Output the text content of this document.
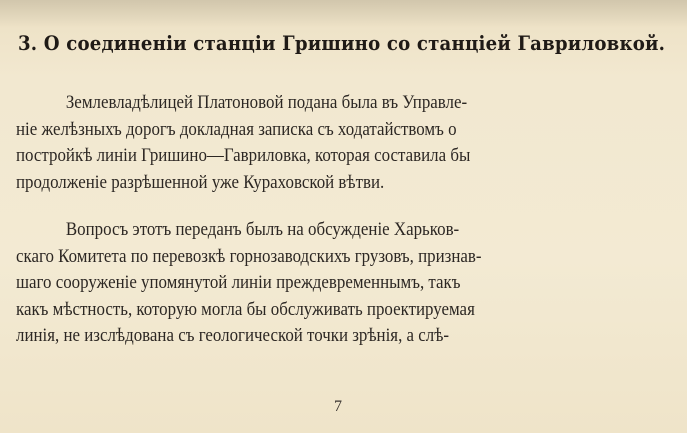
3. О соединенiи станцiи Гришино со станцiей Гавриловкой.
Землевладѣлицей Платоновой подана была въ Управле-
нiе желѣзныхъ дорогъ докладная записка съ ходатайствомъ о
постройкѣ линiи Гришино—Гавриловка, которая составила бы
продолженiе разрѣшенной уже Кураховской вѣтви.
Вопросъ этотъ переданъ былъ на обсужденiе Харьков-
скаго Комитета по перевозкѣ горнозаводскихъ грузовъ, признав-
шаго сооруженiе упомянутой линiи преждевременнымъ, такъ
какъ мѣстность, которую могла бы обслуживать проектируемая
линiя, не изслѣдована съ геологической точки зрѣнiя, а слѣ-
7
